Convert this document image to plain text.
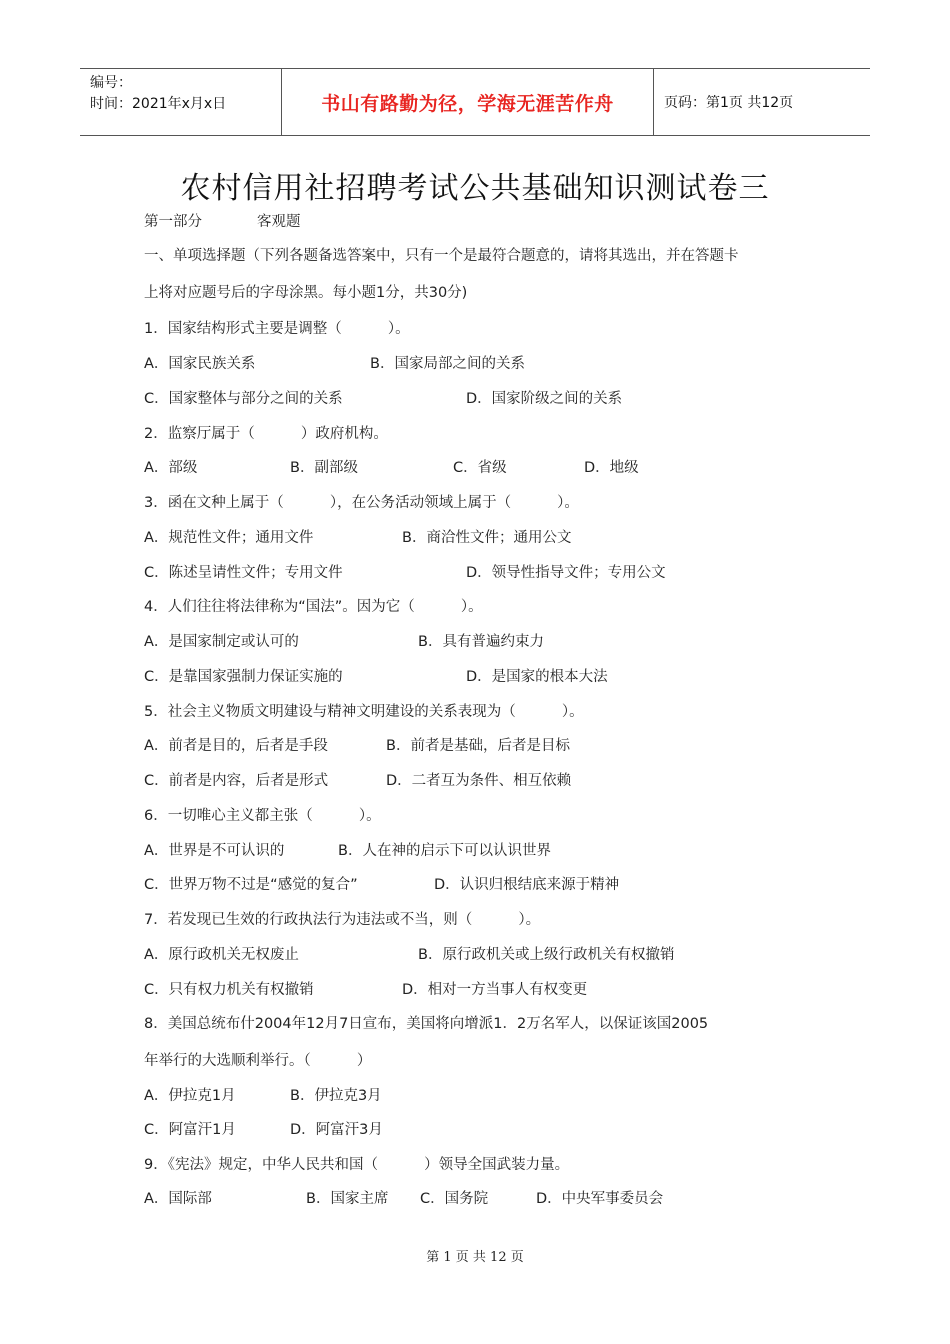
编号：
时间：2021年x月x日	书山有路勤为径，学海无涯苦作舟	页码：第1页 共12页
农村信用社招聘考试公共基础知识测试卷三
第一部分	客观题
一、单项选择题（下列各题备选答案中，只有一个是最符合题意的，请将其选出，并在答题卡
上将对应题号后的字母涂黑。每小题1分，共30分)
1．国家结构形式主要是调整（          ）。
A．国家民族关系	B．国家局部之间的关系
C．国家整体与部分之间的关系	D．国家阶级之间的关系
2．监察厅属于（          ）政府机构。
A．部级	B．副部级	C．省级	D．地级
3．函在文种上属于（          ），在公务活动领域上属于（          ）。
A．规范性文件；通用文件	B．商洽性文件；通用公文
C．陈述呈请性文件；专用文件	D．领导性指导文件；专用公文
4．人们往往将法律称为“国法”。因为它（          ）。
A．是国家制定或认可的	B．具有普遍约束力
C．是靠国家强制力保证实施的	D．是国家的根本大法
5．社会主义物质文明建设与精神文明建设的关系表现为（          ）。
A．前者是目的，后者是手段	B．前者是基础，后者是目标
C．前者是内容，后者是形式	D．二者互为条件、相互依赖
6．一切唯心主义都主张（          ）。
A．世界是不可认识的	B．人在神的启示下可以认识世界
C．世界万物不过是“感觉的复合”	D．认识归根结底来源于精神
7．若发现已生效的行政执法行为违法或不当，则（          ）。
A．原行政机关无权废止	B．原行政机关或上级行政机关有权撤销
C．只有权力机关有权撤销	D．相对一方当事人有权变更
8．美国总统布什2004年12月7日宣布，美国将向增派1．2万名军人，以保证该国2005
年举行的大选顺利举行。（          ）
A．伊拉克1月	B．伊拉克3月
C．阿富汗1月	D．阿富汗3月
9．《宪法》规定，中华人民共和国（          ）领导全国武装力量。
A．国际部	B．国家主席 C．国务院	D．中央军事委员会
第 1 页 共 12 页
